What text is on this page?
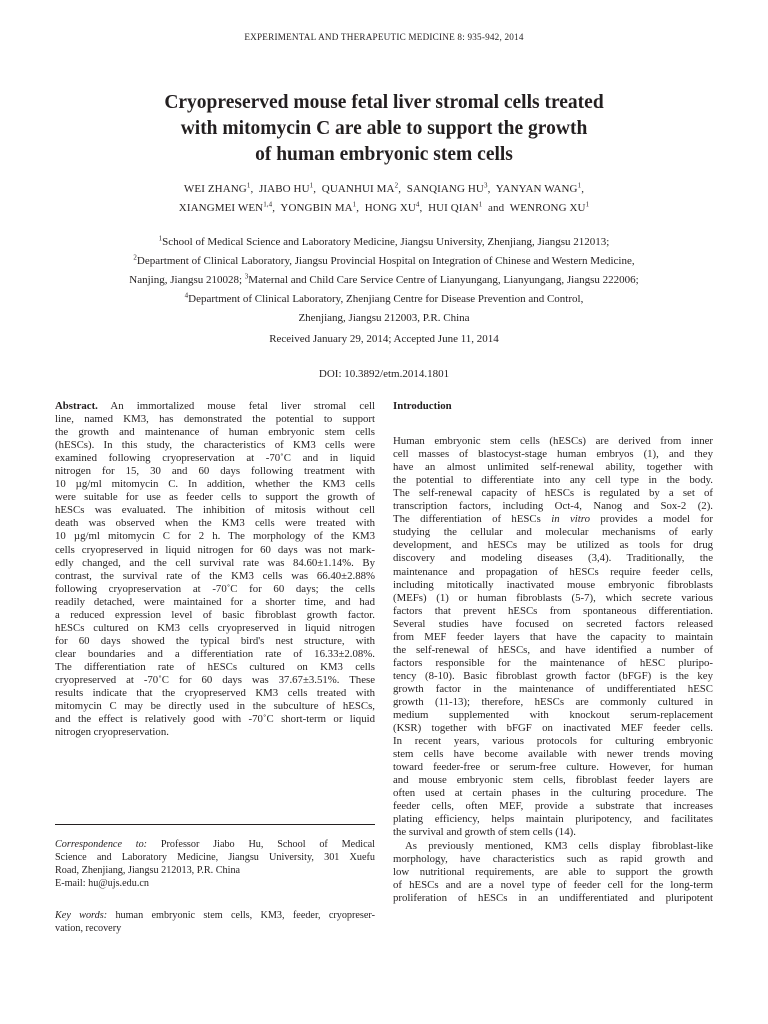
EXPERIMENTAL AND THERAPEUTIC MEDICINE 8: 935-942, 2014
Cryopreserved mouse fetal liver stromal cells treated
with mitomycin C are able to support the growth
of human embryonic stem cells
WEI ZHANG$^1$, JIABO $HU^1$, QUANHUI $MA^2$, SANQIANG $HU^3$, YANYAN WANG$^1$,
XIANGMEI WEN$^{1,4}$, YONGBIN $MA^1$, HONG $XU^4$, HUI QIAN$^1$ and WENRONG $XU^1$
$^1$School of Medical Science and Laboratory Medicine, Jiangsu University, Zhenjiang, Jiangsu 212013;
$^2$Department of Clinical Laboratory, Jiangsu Provincial Hospital on Integration of Chinese and Western Medicine,
Nanjing, Jiangsu 210028; $^3$Maternal and Child Care Service Centre of Lianyungang, Lianyungang, Jiangsu 222006;
$^4$Department of Clinical Laboratory, Zhenjiang Centre for Disease Prevention and Control,
Zhenjiang, Jiangsu 212003, P.R. China
Received January 29, 2014; Accepted June 11, 2014
DOI: 10.3892/etm.2014.1801
Abstract. An immortalized mouse fetal liver stromal cell
line, named KM3, has demonstrated the potential to support
the growth and maintenance of human embryonic stem cells
(hESCs). In this study, the characteristics of KM3 cells were
examined following cryopreservation at -70˚C and in liquid
nitrogen for 15, 30 and 60 days following treatment with
10 µg/ml mitomycin C. In addition, whether the KM3 cells
were suitable for use as feeder cells to support the growth of
hESCs was evaluated. The inhibition of mitosis without cell
death was observed when the KM3 cells were treated with
10 µg/ml mitomycin C for 2 h. The morphology of the KM3
cells cryopreserved in liquid nitrogen for 60 days was not mark-
edly changed, and the cell survival rate was 84.60±1.14%. By
contrast, the survival rate of the KM3 cells was 66.40±2.88%
following cryopreservation at -70˚C for 60 days; the cells
readily detached, were maintained for a shorter time, and had
a reduced expression level of basic fibroblast growth factor.
hESCs cultured on KM3 cells cryopreserved in liquid nitrogen
for 60 days showed the typical bird's nest structure, with
clear boundaries and a differentiation rate of 16.33±2.08%.
The differentiation rate of hESCs cultured on KM3 cells
cryopreserved at -70˚C for 60 days was 37.67±3.51%. These
results indicate that the cryopreserved KM3 cells treated with
mitomycin C may be directly used in the subculture of hESCs,
and the effect is relatively good with -70˚C short-term or liquid
nitrogen cryopreservation.
Correspondence to: Professor Jiabo Hu, School of Medical
Science and Laboratory Medicine, Jiangsu University, 301 Xuefu
Road, Zhenjiang, Jiangsu 212013, P.R. China
E-mail: hu@ujs.edu.cn
Key words: human embryonic stem cells, KM3, feeder, cryopreser-
vation, recovery
Introduction
Human embryonic stem cells (hESCs) are derived from inner
cell masses of blastocyst-stage human embryos (1), and they
have an almost unlimited self-renewal ability, together with
the potential to differentiate into any cell type in the body.
The self-renewal capacity of hESCs is regulated by a set of
transcription factors, including Oct-4, Nanog and Sox-2 (2).
The differentiation of hESCs in vitro provides a model for
studying the cellular and molecular mechanisms of early
development, and hESCs may be utilized as tools for drug
discovery and modeling diseases (3,4). Traditionally, the
maintenance and propagation of hESCs require feeder cells,
including mitotically inactivated mouse embryonic fibroblasts
(MEFs) (1) or human fibroblasts (5-7), which secrete various
factors that prevent hESCs from spontaneous differentiation.
Several studies have focused on secreted factors released
from MEF feeder layers that have the capacity to maintain
the self-renewal of hESCs, and have identified a number of
factors responsible for the maintenance of hESC pluripo-
tency (8-10). Basic fibroblast growth factor (bFGF) is the key
growth factor in the maintenance of undifferentiated hESC
growth (11-13); therefore, hESCs are commonly cultured in
medium supplemented with knockout serum-replacement
(KSR) together with bFGF on inactivated MEF feeder cells.
In recent years, various protocols for culturing embryonic
stem cells have become available with newer trends moving
toward feeder-free or serum-free culture. However, for human
and mouse embryonic stem cells, fibroblast feeder layers are
often used at certain phases in the culturing procedure. The
feeder cells, often MEF, provide a substrate that increases
plating efficiency, helps maintain pluripotency, and facilitates
the survival and growth of stem cells (14).
As previously mentioned, KM3 cells display fibroblast-like
morphology, have characteristics such as rapid growth and
low nutritional requirements, are able to support the growth
of hESCs and are a novel type of feeder cell for the long-term
proliferation of hESCs in an undifferentiated and pluripotent
